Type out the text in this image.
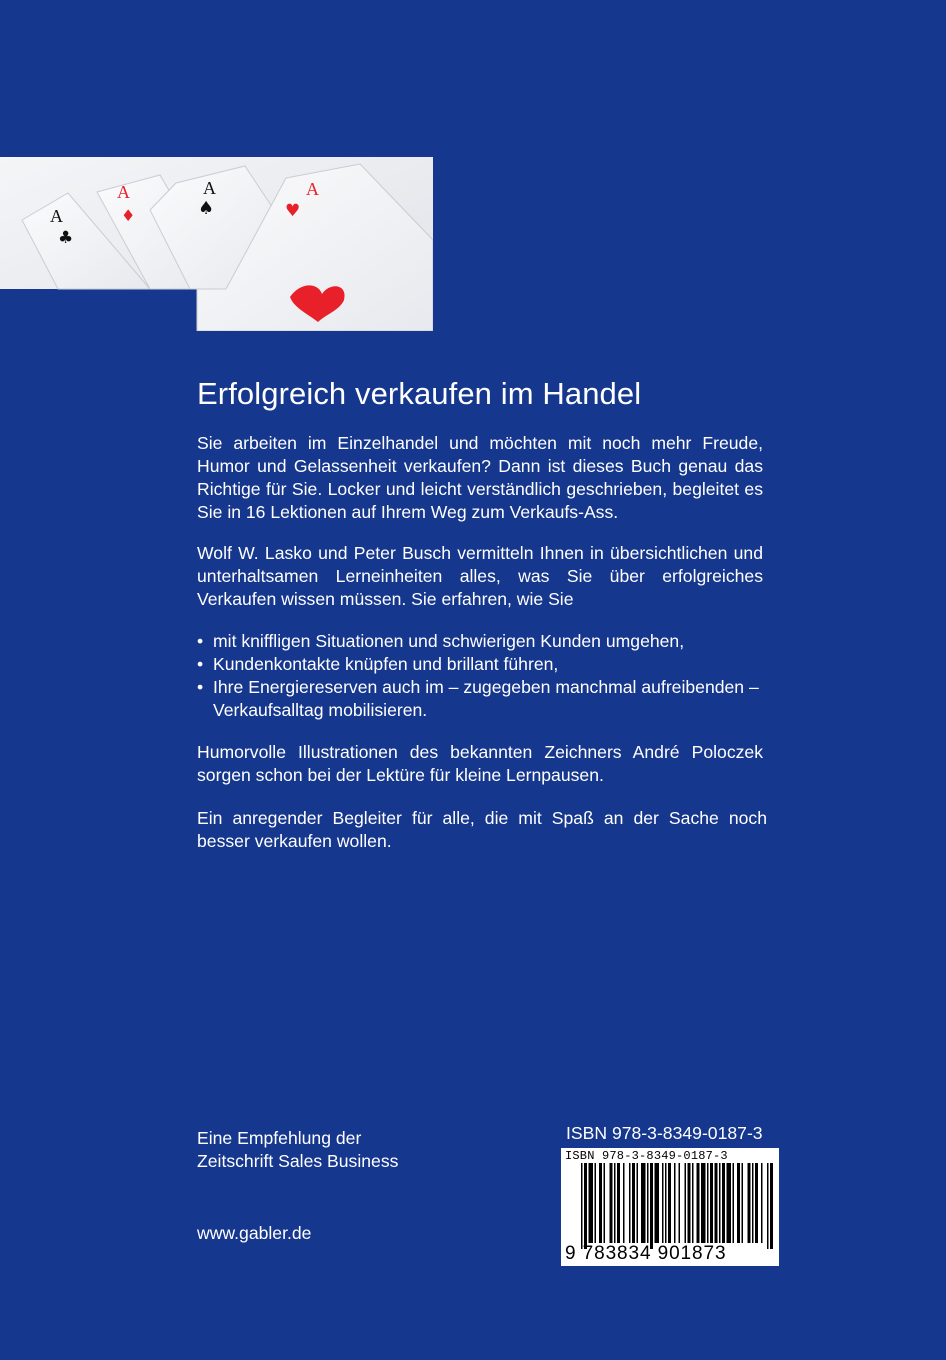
A
♣
A
♦
A
♠
A
♥
Erfolgreich verkaufen im Handel

Sie arbeiten im Einzelhandel und möchten mit noch mehr Freude, Humor und Gelassenheit verkaufen? Dann ist dieses Buch genau das Richtige für Sie. Locker und leicht verständlich geschrieben, begleitet es Sie in 16 Lektionen auf Ihrem Weg zum Verkaufs-Ass.

Wolf W. Lasko und Peter Busch vermitteln Ihnen in übersichtlichen und unterhaltsamen Lerneinheiten alles, was Sie über erfolgreiches Verkaufen wissen müssen. Sie erfahren, wie Sie

• mit kniffligen Situationen und schwierigen Kunden umgehen,
• Kundenkontakte knüpfen und brillant führen,
• Ihre Energiereserven auch im – zugegeben manchmal aufreibenden – Verkaufsalltag mobilisieren.

Humorvolle Illustrationen des bekannten Zeichners André Poloczek sorgen schon bei der Lektüre für kleine Lernpausen.

Ein anregender Begleiter für alle, die mit Spaß an der Sache noch besser verkaufen wollen.

Eine Empfehlung der
Zeitschrift Sales Business
www.gabler.de
ISBN 978-3-8349-0187-3
ISBN 978-3-8349-0187-3
9 783834 901873
